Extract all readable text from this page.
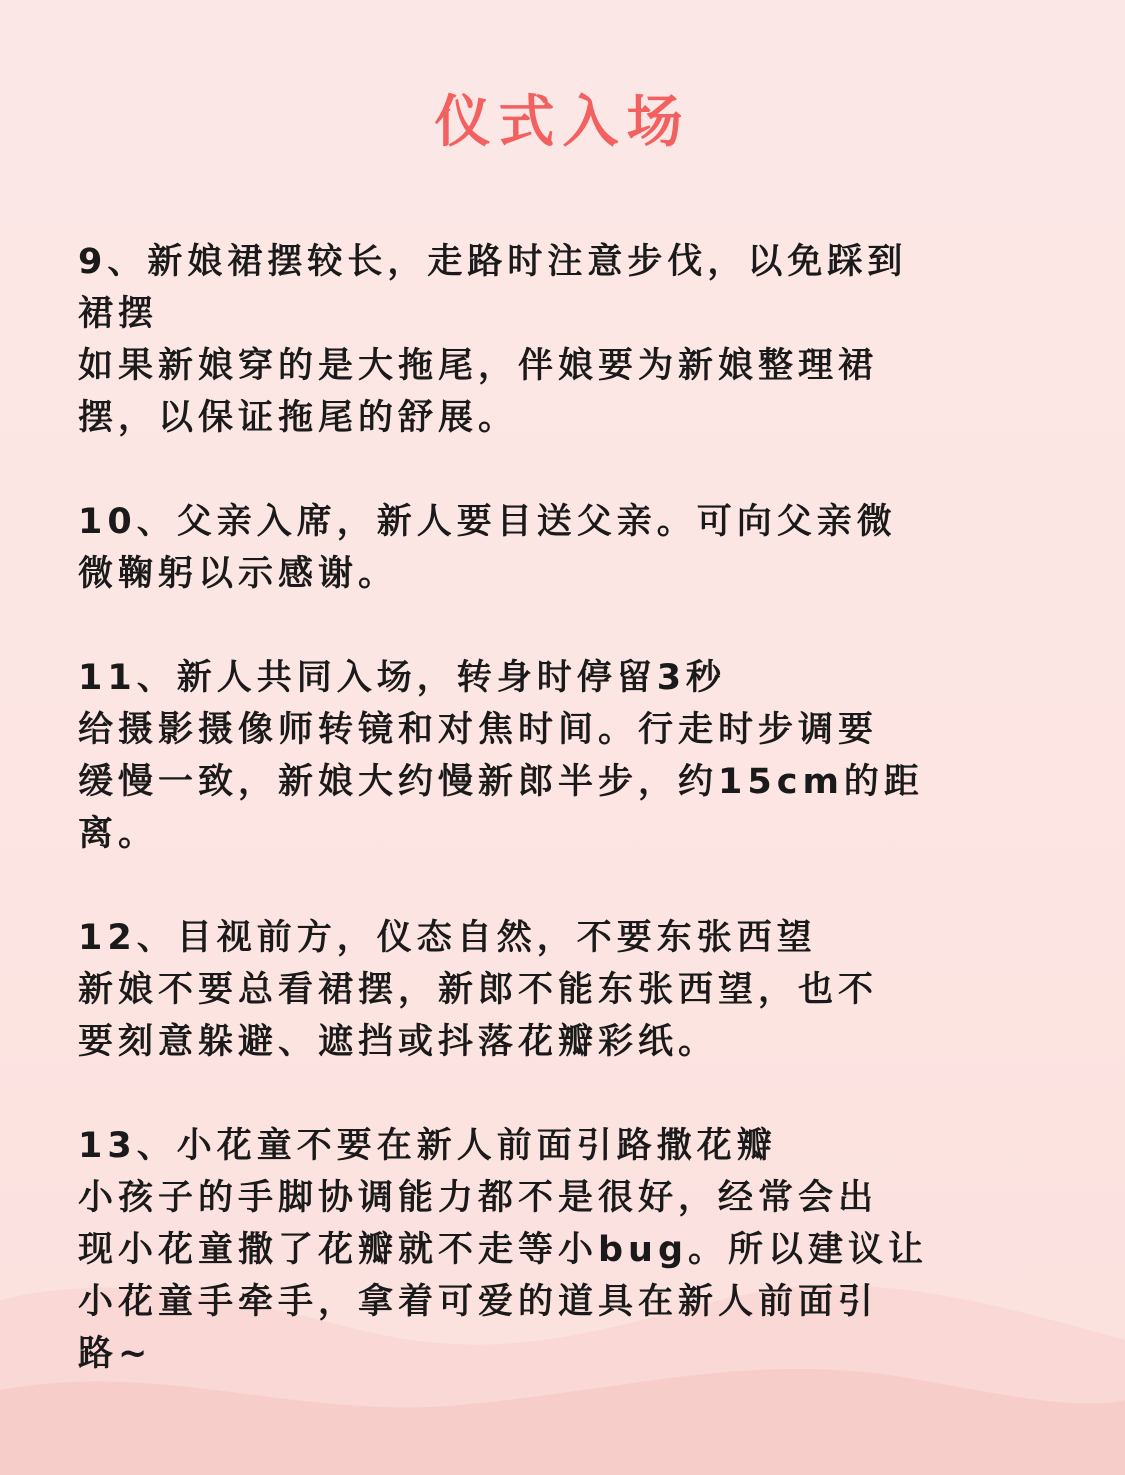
仪式入场
9、新娘裙摆较长，走路时注意步伐，以免踩到
裙摆
如果新娘穿的是大拖尾，伴娘要为新娘整理裙
摆，以保证拖尾的舒展。
10、父亲入席，新人要目送父亲。可向父亲微
微鞠躬以示感谢。
11、新人共同入场，转身时停留3秒
给摄影摄像师转镜和对焦时间。行走时步调要
缓慢一致，新娘大约慢新郎半步，约15cm的距
离。
12、目视前方，仪态自然，不要东张西望
新娘不要总看裙摆，新郎不能东张西望，也不
要刻意躲避、遮挡或抖落花瓣彩纸。
13、小花童不要在新人前面引路撒花瓣
小孩子的手脚协调能力都不是很好，经常会出
现小花童撒了花瓣就不走等小bug。所以建议让
小花童手牵手，拿着可爱的道具在新人前面引
路~
